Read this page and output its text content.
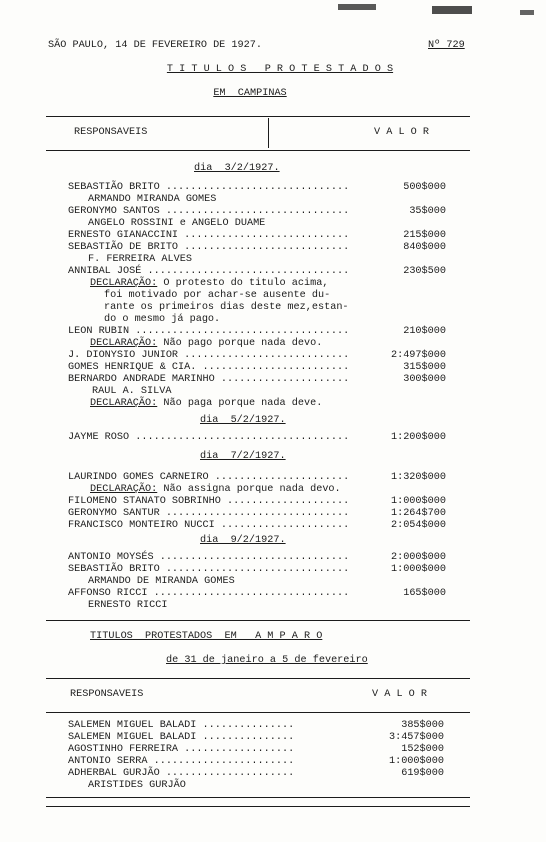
SÃO PAULO, 14 DE FEVEREIRO DE 1927.	Nº 729
T I T U L O S   P R O T E S T A D O S
EM  CAMPINAS
RESPONSAVEIS	V A L O R
dia  3/2/1927.
SEBASTIÃO BRITO ..............................	500$000
ARMANDO MIRANDA GOMES
GERONYMO SANTOS ..............................	35$000
ANGELO ROSSINI e ANGELO DUAME
ERNESTO GIANACCINI ...........................	215$000
SEBASTIÃO DE BRITO ...........................	840$000
F. FERREIRA ALVES
ANNIBAL JOSÉ .................................	230$500
DECLARAÇÃO: O protesto do titulo acima,
foi motivado por achar-se ausente du-
rante os primeiros dias deste mez,estan-
do o mesmo já pago.
LEON RUBIN ...................................	210$000
DECLARAÇÃO: Não pago porque nada devo.
J. DIONYSIO JUNIOR ...........................	2:497$000
GOMES HENRIQUE & CIA. ........................	315$000
BERNARDO ANDRADE MARINHO .....................	300$000
RAUL A. SILVA
DECLARAÇÃO: Não paga porque nada deve.
dia  5/2/1927.
JAYME ROSO ...................................	1:200$000
dia  7/2/1927.
LAURINDO GOMES CARNEIRO ......................	1:320$000
DECLARAÇÃO: Não assigna porque nada devo.
FILOMENO STANATO SOBRINHO ....................	1:000$000
GERONYMO SANTUR ..............................	1:264$700
FRANCISCO MONTEIRO NUCCI .....................	2:054$000
dia  9/2/1927.
ANTONIO MOYSÉS ...............................	2:000$000
SEBASTIÃO BRITO ..............................	1:000$000
ARMANDO DE MIRANDA GOMES
AFFONSO RICCI ................................	165$000
ERNESTO RICCI
TITULOS  PROTESTADOS  EM   A M P A R O
de 31 de janeiro a 5 de fevereiro
RESPONSAVEIS	V A L O R
SALEMEN MIGUEL BALADI ...............	385$000
SALEMEN MIGUEL BALADI ...............	3:457$000
AGOSTINHO FERREIRA ..................	152$000
ANTONIO SERRA .......................	1:000$000
ADHERBAL GURJÃO .....................	619$000
ARISTIDES GURJÃO
